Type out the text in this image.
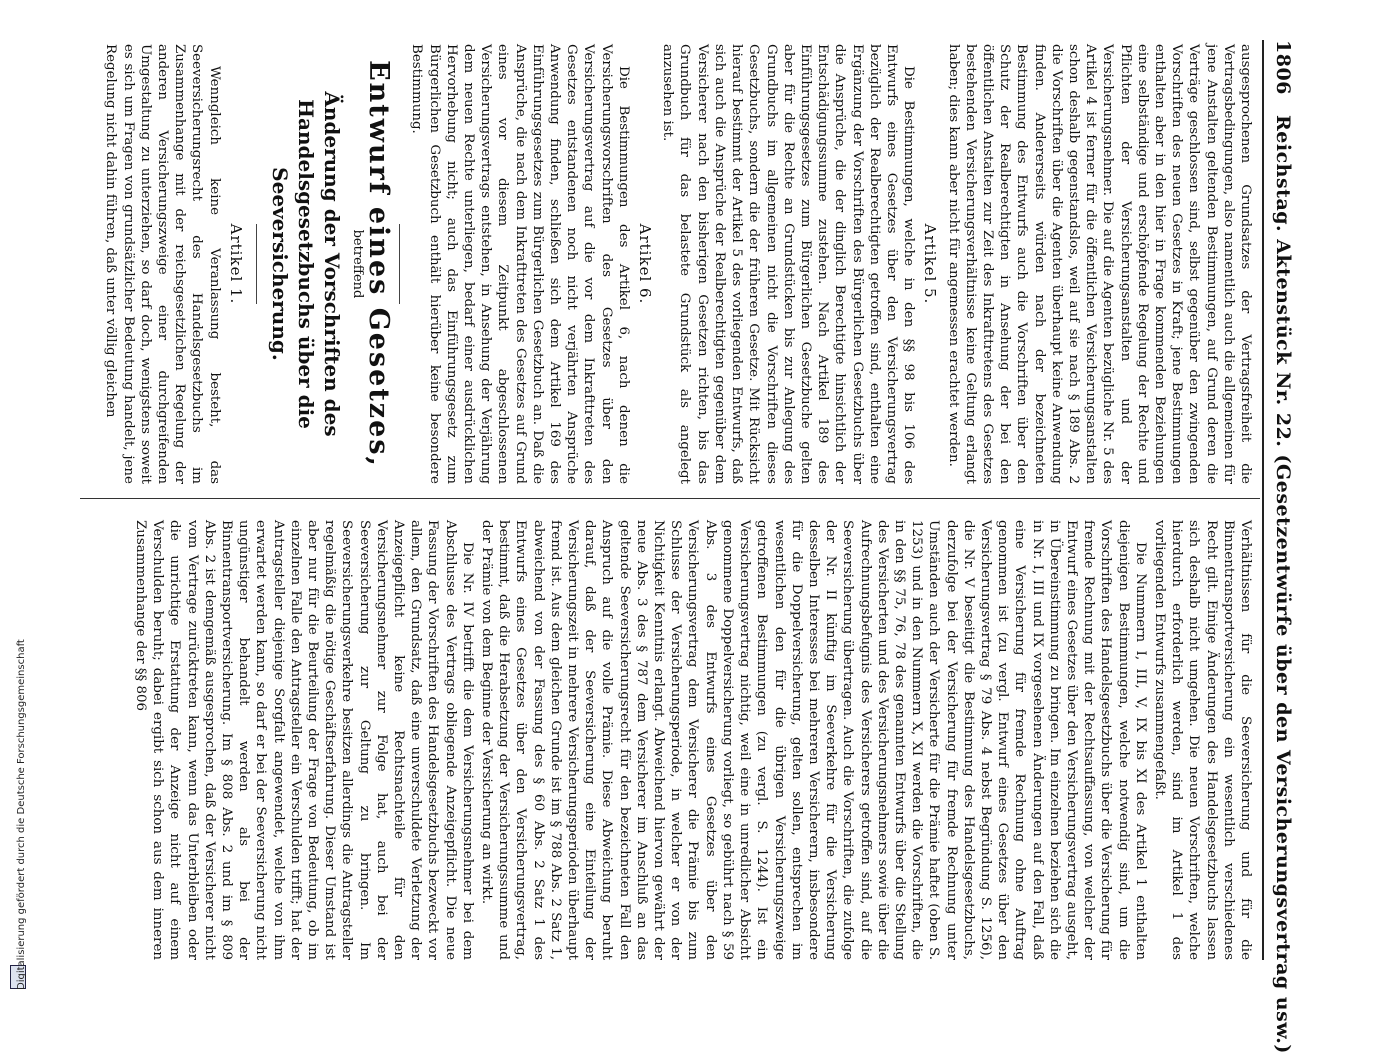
1806
Reichstag. Aktenstück Nr. 22. (Gesetzentwürfe über den Versicherungsvertrag usw.)

ausgesprochenen Grundsatzes der Vertragsfreiheit die Vertragsbedingungen, also namentlich auch die allgemeinen für jene Anstalten geltenden Bestimmungen, auf Grund deren die Verträge geschlossen sind, selbst gegenüber den zwingenden Vorschriften des neuen Gesetzes in Kraft; jene Bestimmungen enthalten aber in den hier in Frage kommenden Beziehungen eine selbständige und erschöpfende Regelung der Rechte und Pflichten der Versicherungsanstalten und der Versicherungsnehmer. Die auf die Agenten bezügliche Nr. 5 des Artikel 4 ist ferner für die öffentlichen Versicherungsanstalten schon deshalb gegenstandslos, weil auf sie nach § 189 Abs. 2 die Vorschriften über die Agenten überhaupt keine Anwendung finden. Andererseits würden nach der bezeichneten Bestimmung des Entwurfs auch die Vorschriften über den Schutz der Realberechtigten in Ansehung der bei den öffentlichen Anstalten zur Zeit des Inkrafttretens des Gesetzes bestehenden Versicherungsverhältnisse keine Geltung erlangt haben; dies kann aber nicht für angemessen erachtet werden.

Artikel 5.

Die Bestimmungen, welche in den §§ 98 bis 106 des Entwurfs eines Gesetzes über den Versicherungsvertrag bezüglich der Realberechtigten getroffen sind, enthalten eine Ergänzung der Vorschriften des Bürgerlichen Gesetzbuchs über die Ansprüche, die der dinglich Berechtigte hinsichtlich der Entschädigungssumme zustehen. Nach Artikel 189 des Einführungsgesetzes zum Bürgerlichen Gesetzbuche gelten aber für die Rechte an Grundstücken bis zur Anlegung des Grundbuchs im allgemeinen nicht die Vorschriften dieses Gesetzbuchs, sondern die der früheren Gesetze. Mit Rücksicht hierauf bestimmt der Artikel 5 des vorliegenden Entwurfs, daß sich auch die Ansprüche der Realberechtigten gegenüber dem Versicherer nach den bisherigen Gesetzen richten, bis das Grundbuch für das belastete Grundstück als angelegt anzusehen ist.

Artikel 6.

Die Bestimmungen des Artikel 6, nach denen die Versicherungsvorschriften des Gesetzes über den Versicherungsvertrag auf die vor dem Inkrafttreten des Gesetzes entstandenen noch nicht verjährten Ansprüche Anwendung finden, schließen sich dem Artikel 169 des Einführungsgesetzes zum Bürgerlichen Gesetzbuch an. Daß die Ansprüche, die nach dem Inkrafttreten des Gesetzes auf Grund eines vor diesem Zeitpunkt abgeschlossenen Versicherungsvertrags entstehen, in Ansehung der Verjährung dem neuen Rechte unterliegen, bedarf einer ausdrücklichen Hervorhebung nicht; auch das Einführungsgesetz zum Bürgerlichen Gesetzbuch enthält hierüber keine besondere Bestimmung.

Entwurf eines Gesetzes,
betreffend
Änderung der Vorschriften des Handelsgesetzbuchs über die Seeversicherung.
Artikel 1.

Wenngleich keine Veranlassung besteht, das Seeversicherungsrecht des Handelsgesetzbuchs im Zusammenhange mit der reichsgesetzlichen Regelung der anderen Versicherungszweige einer durchgreifenden Umgestaltung zu unterziehen, so darf doch, wenigstens soweit es sich um Fragen von grundsätzlicher Bedeutung handelt, jene Regelung nicht dahin führen, daß unter völlig gleichen

Verhältnissen für die Seeversicherung und für die Binnentransportversicherung ein wesentlich verschiedenes Recht gilt. Einige Änderungen des Handelsgesetzbuchs lassen sich deshalb nicht umgehen. Die neuen Vorschriften, welche hierdurch erforderlich werden, sind im Artikel 1 des vorliegenden Entwurfs zusammengefaßt.

Die Nummern I, III, V, IX bis XI des Artikel 1 enthalten diejenigen Bestimmungen, welche notwendig sind, um die Vorschriften des Handelsgesetzbuchs über die Versicherung für fremde Rechnung mit der Rechtsauffassung, von welcher der Entwurf eines Gesetzes über den Versicherungsvertrag ausgeht, in Übereinstimmung zu bringen. Im einzelnen beziehen sich die in Nr. I, III und IX vorgesehenen Änderungen auf den Fall, daß eine Versicherung für fremde Rechnung ohne Auftrag genommen ist (zu vergl. Entwurf eines Gesetzes über den Versicherungsvertrag § 79 Abs. 4 nebst Begründung S. 1256), die Nr. V beseitigt die Bestimmung des Handelsgesetzbuchs, derzufolge bei der Versicherung für fremde Rechnung unter Umständen auch der Versicherte für die Prämie haftet (oben S. 1253) und in den Nummern X, XI werden die Vorschriften, die in den §§ 75, 76, 78 des genannten Entwurfs über die Stellung des Versicherten und des Versicherungsnehmers sowie über die Aufrechnungsbefugnis des Versicherers getroffen sind, auf die Seeversicherung übertragen. Auch die Vorschriften, die zufolge der Nr. II künftig im Seeverkehre für die Versicherung desselben Interesses bei mehreren Versicherern, insbesondere für die Doppelversicherung, gelten sollen, entsprechen im wesentlichen den für die übrigen Versicherungszweige getroffenen Bestimmungen (zu vergl. S. 1244). Ist ein Versicherungsvertrag nichtig, weil eine in unredlicher Absicht genommene Doppelversicherung vorliegt, so gebührt nach § 59 Abs. 3 des Entwurfs eines Gesetzes über den Versicherungsvertrag dem Versicherer die Prämie bis zum Schlusse der Versicherungsperiode, in welcher er von der Nichtigkeit Kenntnis erlangt. Abweichend hiervon gewährt der neue Abs. 3 des § 787 dem Versicherer im Anschluß an das geltende Seeversicherungsrecht für den bezeichneten Fall den Anspruch auf die volle Prämie. Diese Abweichung beruht darauf, daß der Seeversicherung eine Einteilung der Versicherungszeit in mehrere Versicherungsperioden überhaupt fremd ist. Aus dem gleichen Grunde ist im § 788 Abs. 2 Satz 1, abweichend von der Fassung des § 60 Abs. 2 Satz 1 des Entwurfs eines Gesetzes über den Versicherungsvertrag, bestimmt, daß die Herabsetzung der Versicherungssumme und der Prämie von dem Beginne der Versicherung an wirkt.

Die Nr. IV betrifft die dem Versicherungsnehmer bei dem Abschlusse des Vertrags obliegende Anzeigepflicht. Die neue Fassung der Vorschriften des Handelsgesetzbuchs bezweckt vor allem, den Grundsatz, daß eine unverschuldete Verletzung der Anzeigepflicht keine Rechtsnachteile für den Versicherungsnehmer zur Folge hat, auch bei der Seeversicherung zur Geltung zu bringen. Im Seeversicherungsverkehre besitzen allerdings die Antragsteller regelmäßig die nötige Geschäftserfahrung. Dieser Umstand ist aber nur für die Beurteilung der Frage von Bedeutung, ob im einzelnen Falle den Antragsteller ein Verschulden trifft; hat der Antragsteller diejenige Sorgfalt angewendet, welche von ihm erwartet werden kann, so darf er bei der Seeversicherung nicht ungünstiger behandelt werden als bei der Binnentransportversicherung. Im § 808 Abs. 2 und im § 809 Abs. 2 ist demgemäß ausgesprochen, daß der Versicherer nicht vom Vertrage zurücktreten kann, wenn das Unterbleiben oder die unrichtige Erstattung der Anzeige nicht auf einem Verschulden beruht; dabei ergibt sich schon aus dem inneren Zusammenhange der §§ 806

Digitalisierung gefördert durch die Deutsche Forschungsgemeinschaft
